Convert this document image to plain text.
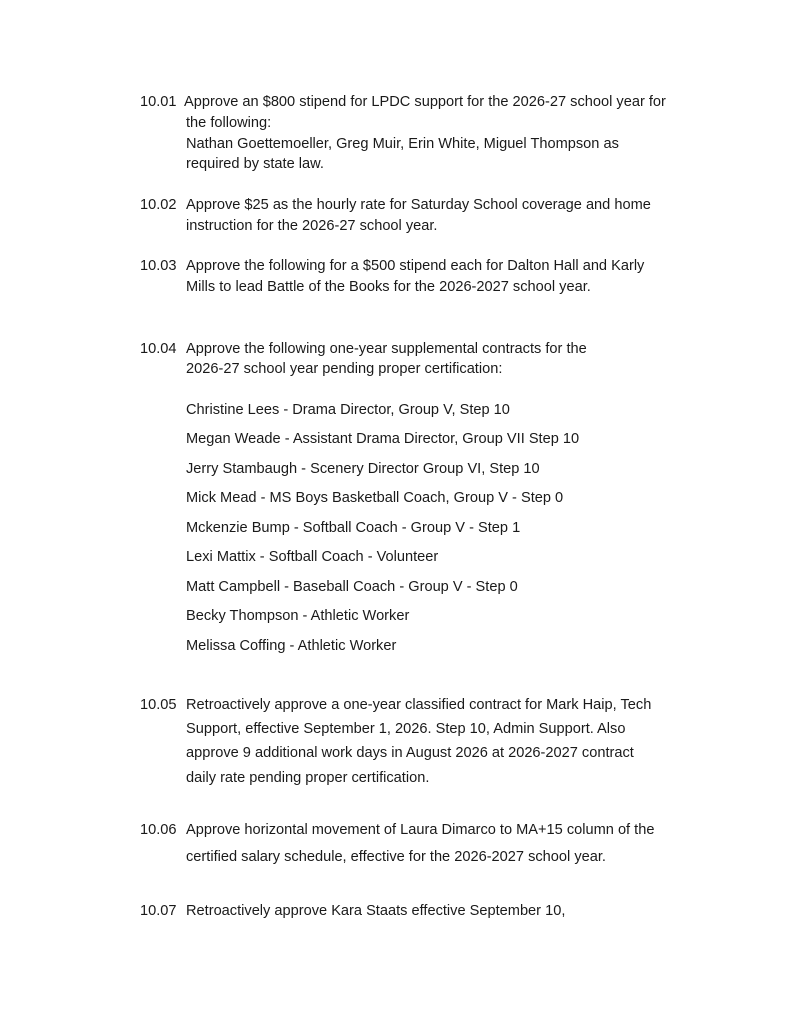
10.01 Approve an $800 stipend for LPDC support for the 2026-27 school year for
the following:
Nathan Goettemoeller, Greg Muir, Erin White, Miguel Thompson as
required by state law.
10.02 Approve $25 as the hourly rate for Saturday School coverage and home
instruction for the 2026-27 school year.
10.03 Approve the following for a $500 stipend each for Dalton Hall and Karly
Mills to lead Battle of the Books for the 2026-2027 school year.
10.04 Approve the following one-year supplemental contracts for the
2026-27 school year pending proper certification:
Christine Lees - Drama Director, Group V, Step 10
Megan Weade - Assistant Drama Director, Group VII Step 10
Jerry Stambaugh - Scenery Director Group VI, Step 10
Mick Mead - MS Boys Basketball Coach, Group V - Step 0
Mckenzie Bump - Softball Coach - Group V - Step 1
Lexi Mattix - Softball Coach - Volunteer
Matt Campbell - Baseball Coach - Group V - Step 0
Becky Thompson - Athletic Worker
Melissa Coffing - Athletic Worker
10.05 Retroactively approve a one-year classified contract for Mark Haip, Tech
Support, effective September 1, 2026. Step 10, Admin Support. Also
approve 9 additional work days in August 2026 at 2026-2027 contract
daily rate pending proper certification.
10.06 Approve horizontal movement of Laura Dimarco to MA+15 column of the
certified salary schedule, effective for the 2026-2027 school year.
10.07 Retroactively approve Kara Staats effective September 10,
